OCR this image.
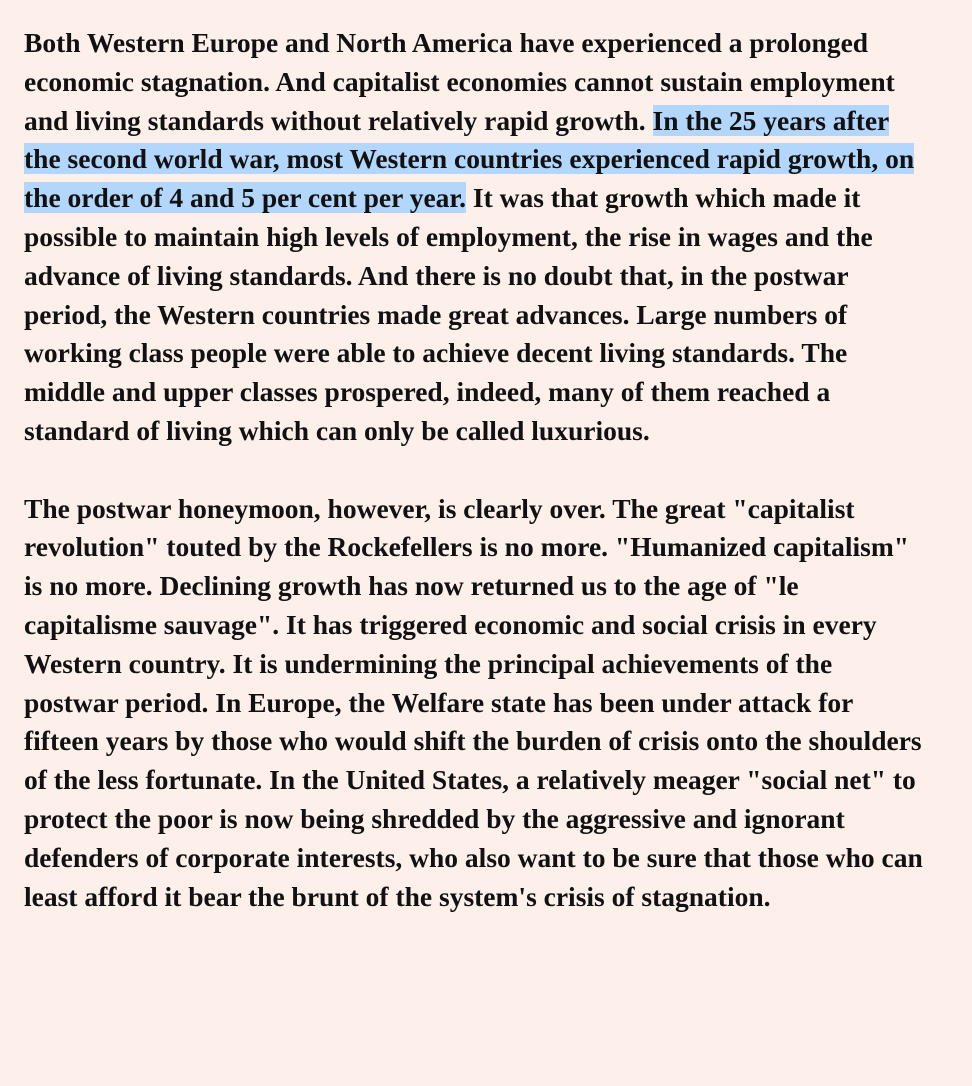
Both Western Europe and North America have experienced a prolonged economic stagnation. And capitalist economies cannot sustain employment and living standards without relatively rapid growth. In the 25 years after the second world war, most Western countries experienced rapid growth, on the order of 4 and 5 per cent per year. It was that growth which made it possible to maintain high levels of employment, the rise in wages and the advance of living standards. And there is no doubt that, in the postwar period, the Western countries made great advances. Large numbers of working class people were able to achieve decent living standards. The middle and upper classes prospered, indeed, many of them reached a standard of living which can only be called luxurious.

The postwar honeymoon, however, is clearly over. The great "capitalist revolution" touted by the Rockefellers is no more. "Humanized capitalism" is no more. Declining growth has now returned us to the age of "le capitalisme sauvage". It has triggered economic and social crisis in every Western country. It is undermining the principal achievements of the postwar period. In Europe, the Welfare state has been under attack for fifteen years by those who would shift the burden of crisis onto the shoulders of the less fortunate. In the United States, a relatively meager "social net" to protect the poor is now being shredded by the aggressive and ignorant defenders of corporate interests, who also want to be sure that those who can least afford it bear the brunt of the system's crisis of stagnation.
